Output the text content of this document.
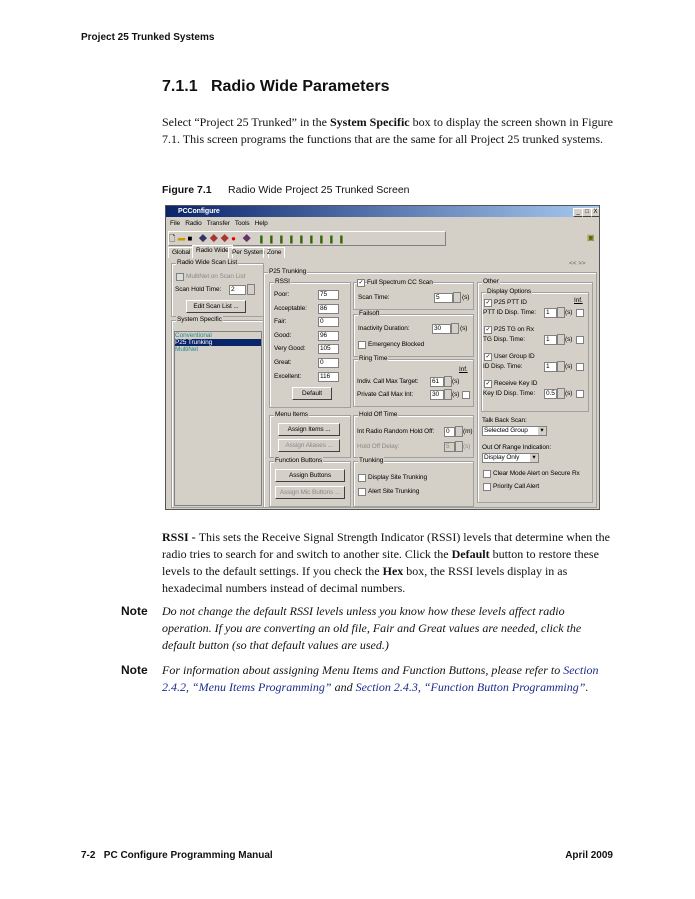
Project 25 Trunked Systems
7.1.1 Radio Wide Parameters
Select “Project 25 Trunked” in the System Specific box to display the screen shown in Figure 7.1. This screen programs the functions that are the same for all Project 25 trunked systems.
Figure 7.1 Radio Wide Project 25 Trunked Screen
PCConfigure	_ □ X
File Radio Transfer Tools Help
🗋▰■ ◆◆◆● ◆ ▮▮▮▮▮▮▮▮▮	▣
Global Radio Wide Per System Zone
<< >>
Radio Wide Scan List
MultiNet on Scan List
Scan Hold Time:	2
Edit Scan List ...
System Specific
Conventional
P25 Trunking
MultiNet
P25 Trunking
RSSI
Default
✓ Full Spectrum CC Scan
Scan Time:	5	(s)
Failsoft
Inactivity Duration:	30	(s)
Emergency Blocked
Ring Time
Inf.
Indiv. Call Max Target:	61	(s)
Private Call Max Int:	30	(s)
Menu Items
Assign Items ...
Assign Aliases ...
Function Buttons
Assign Buttons
Assign Mic Buttons ...
Hold Off Time
Int Radio Random Hold Off:	0	(m)
Hold Off Delay:	5	(s)
Trunking
Display Site Trunking
Alert Site Trunking
Other
Display Options
Inf.
Talk Back Scan:
Selected Group	▾
Out Of Range Indication:
Display Only	▾
Clear Mode Alert on Secure Rx
Priority Call Alert
Poor:	75
Acceptable:	86
Fair:	0
Good:	96
Very Good:	105
Great:	0
Excellent:	116
✓ P25 PTT ID
PTT ID Disp. Time:	1	(s)
✓ P25 TG on Rx
TG Disp. Time:	1	(s)
✓ User Group ID
ID Disp. Time:	1	(s)
✓ Receive Key ID
Key ID Disp. Time:	0.5	(s)
RSSI - This sets the Receive Signal Strength Indicator (RSSI) levels that determine when the radio tries to search for and switch to another site. Click the Default button to restore these levels to the default settings. If you check the Hex box, the RSSI levels display in as hexadecimal numbers instead of decimal numbers.
Note Do not change the default RSSI levels unless you know how these levels affect radio operation. If you are converting an old file, Fair and Great values are needed, click the default button (so that default values are used.)
Note For information about assigning Menu Items and Function Buttons, please refer to Section 2.4.2, “Menu Items Programming” and Section 2.4.3, “Function Button Programming”.
7-2   PC Configure Programming Manual	April 2009
